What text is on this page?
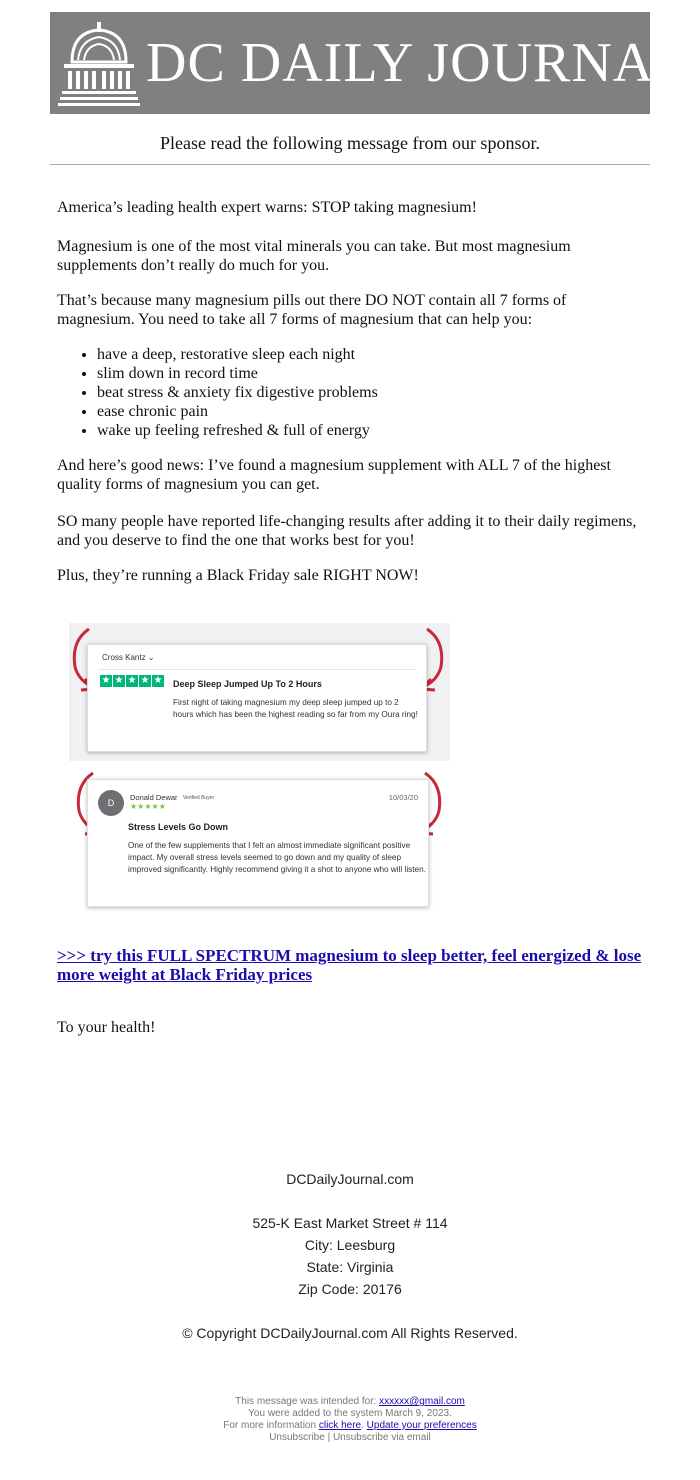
DC DAILY JOURNAL
Please read the following message from our sponsor.

America’s leading health expert warns: STOP taking magnesium!

Magnesium is one of the most vital minerals you can take. But most magnesium supplements don’t really do much for you.

That’s because many magnesium pills out there DO NOT contain all 7 forms of magnesium. You need to take all 7 forms of magnesium that can help you:

• have a deep, restorative sleep each night
• slim down in record time
• beat stress & anxiety fix digestive problems
• ease chronic pain
• wake up feeling refreshed & full of energy

And here’s good news: I’ve found a magnesium supplement with ALL 7 of the highest quality forms of magnesium you can get.

SO many people have reported life-changing results after adding it to their daily regimens, and you deserve to find the one that works best for you!

Plus, they’re running a Black Friday sale RIGHT NOW!

Cross Kantz ⌄
★ ★ ★ ★ ★ Deep Sleep Jumped Up To 2 Hours
First night of taking magnesium my deep sleep jumped up to 2 hours which has been the highest reading so far from my Oura ring!
D
Donald Dewar Verified Buyer	10/03/20
★★★★★
Stress Levels Go Down
One of the few supplements that I felt an almost immediate significant positive impact. My overall stress levels seemed to go down and my quality of sleep improved significantly. Highly recommend giving it a shot to anyone who will listen.
>>> try this FULL SPECTRUM magnesium to sleep better, feel energized & lose more weight at Black Friday prices
To your health!
DCDailyJournal.com
525-K East Market Street # 114
City: Leesburg
State: Virginia
Zip Code: 20176
© Copyright DCDailyJournal.com All Rights Reserved.
This message was intended for: xxxxxx@gmail.com
You were added to the system March 9, 2023.
For more information click here. Update your preferences
Unsubscribe | Unsubscribe via email
